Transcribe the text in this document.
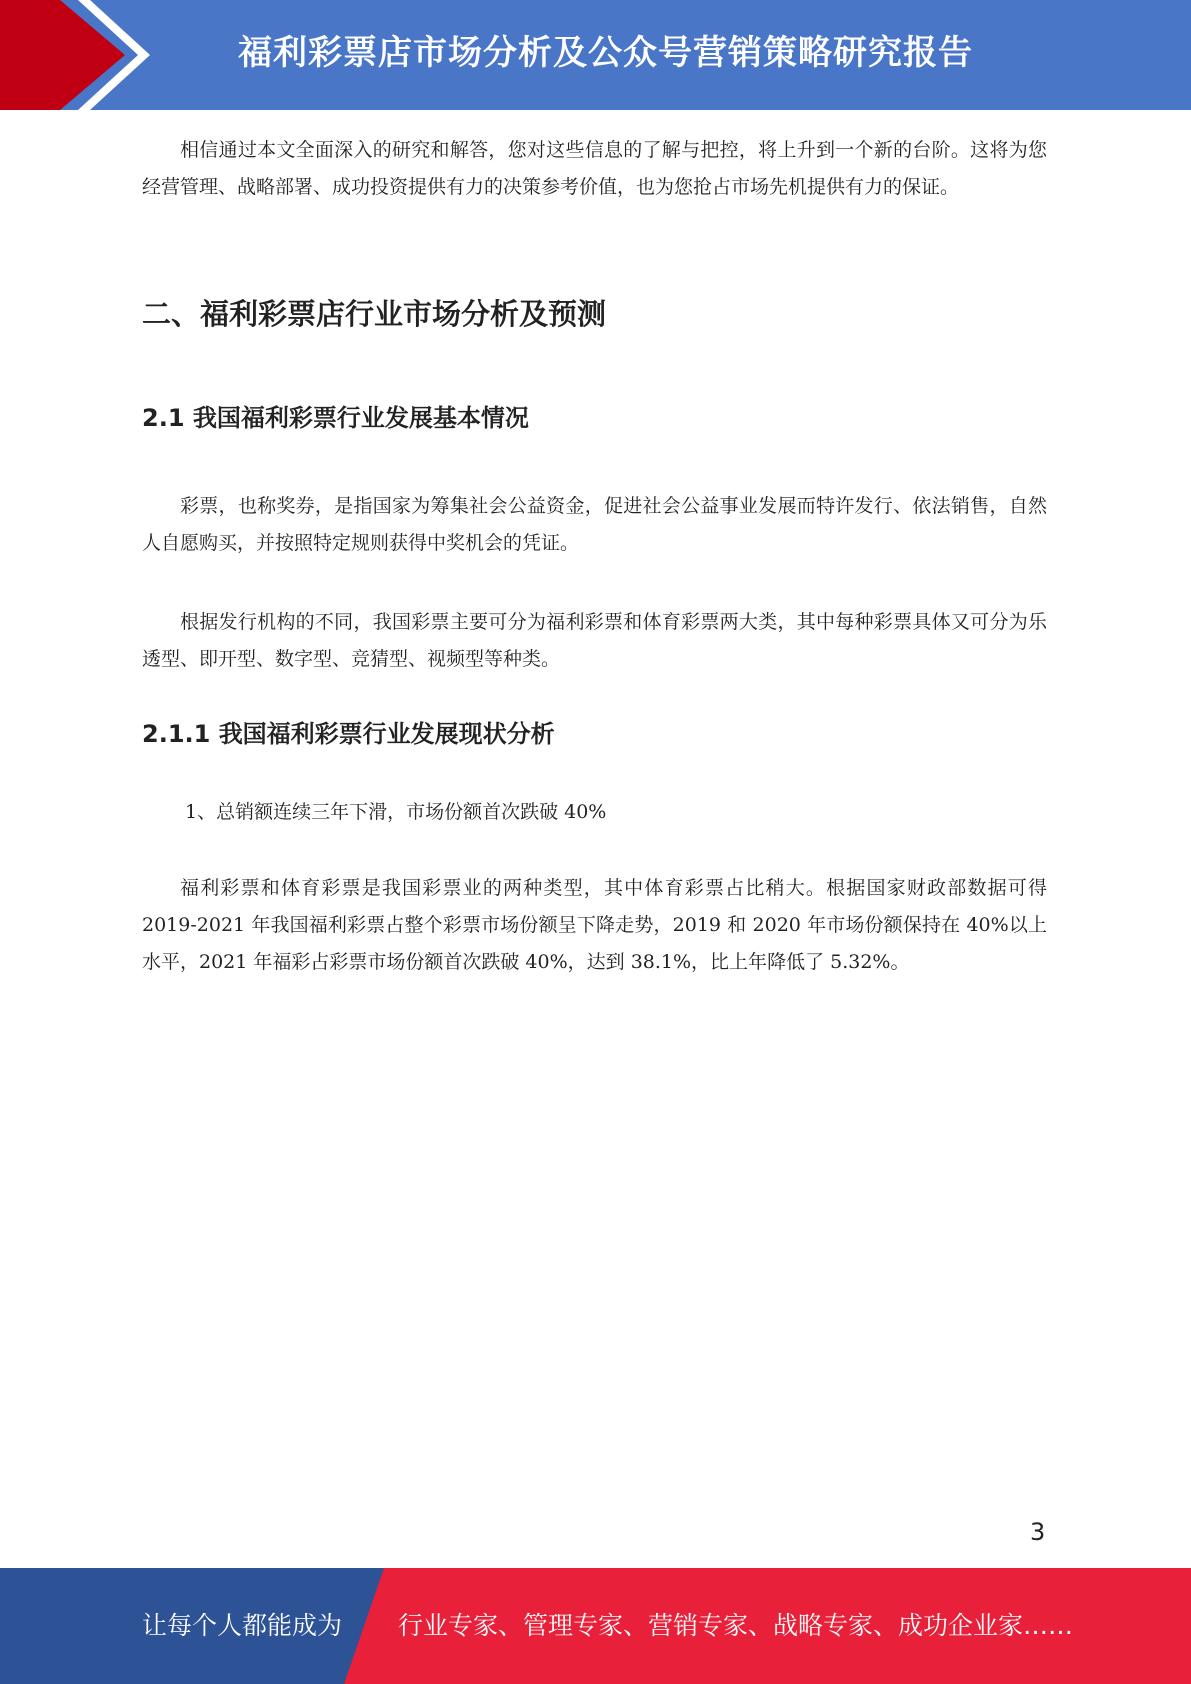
福利彩票店市场分析及公众号营销策略研究报告

相信通过本文全面深入的研究和解答，您对这些信息的了解与把控，将上升到一个新的台阶。这将为您经营管理、战略部署、成功投资提供有力的决策参考价值，也为您抢占市场先机提供有力的保证。

二、福利彩票店行业市场分析及预测
2.1 我国福利彩票行业发展基本情况

彩票，也称奖券，是指国家为筹集社会公益资金，促进社会公益事业发展而特许发行、依法销售，自然人自愿购买，并按照特定规则获得中奖机会的凭证。

根据发行机构的不同，我国彩票主要可分为福利彩票和体育彩票两大类，其中每种彩票具体又可分为乐透型、即开型、数字型、竞猜型、视频型等种类。

2.1.1 我国福利彩票行业发展现状分析

1、总销额连续三年下滑，市场份额首次跌破 40%

福利彩票和体育彩票是我国彩票业的两种类型，其中体育彩票占比稍大。根据国家财政部数据可得 2019-2021 年我国福利彩票占整个彩票市场份额呈下降走势，2019 和 2020 年市场份额保持在 40%以上水平，2021 年福彩占彩票市场份额首次跌破 40%，达到 38.1%，比上年降低了 5.32%。

3
让每个人都能成为 行业专家、管理专家、营销专家、战略专家、成功企业家……
